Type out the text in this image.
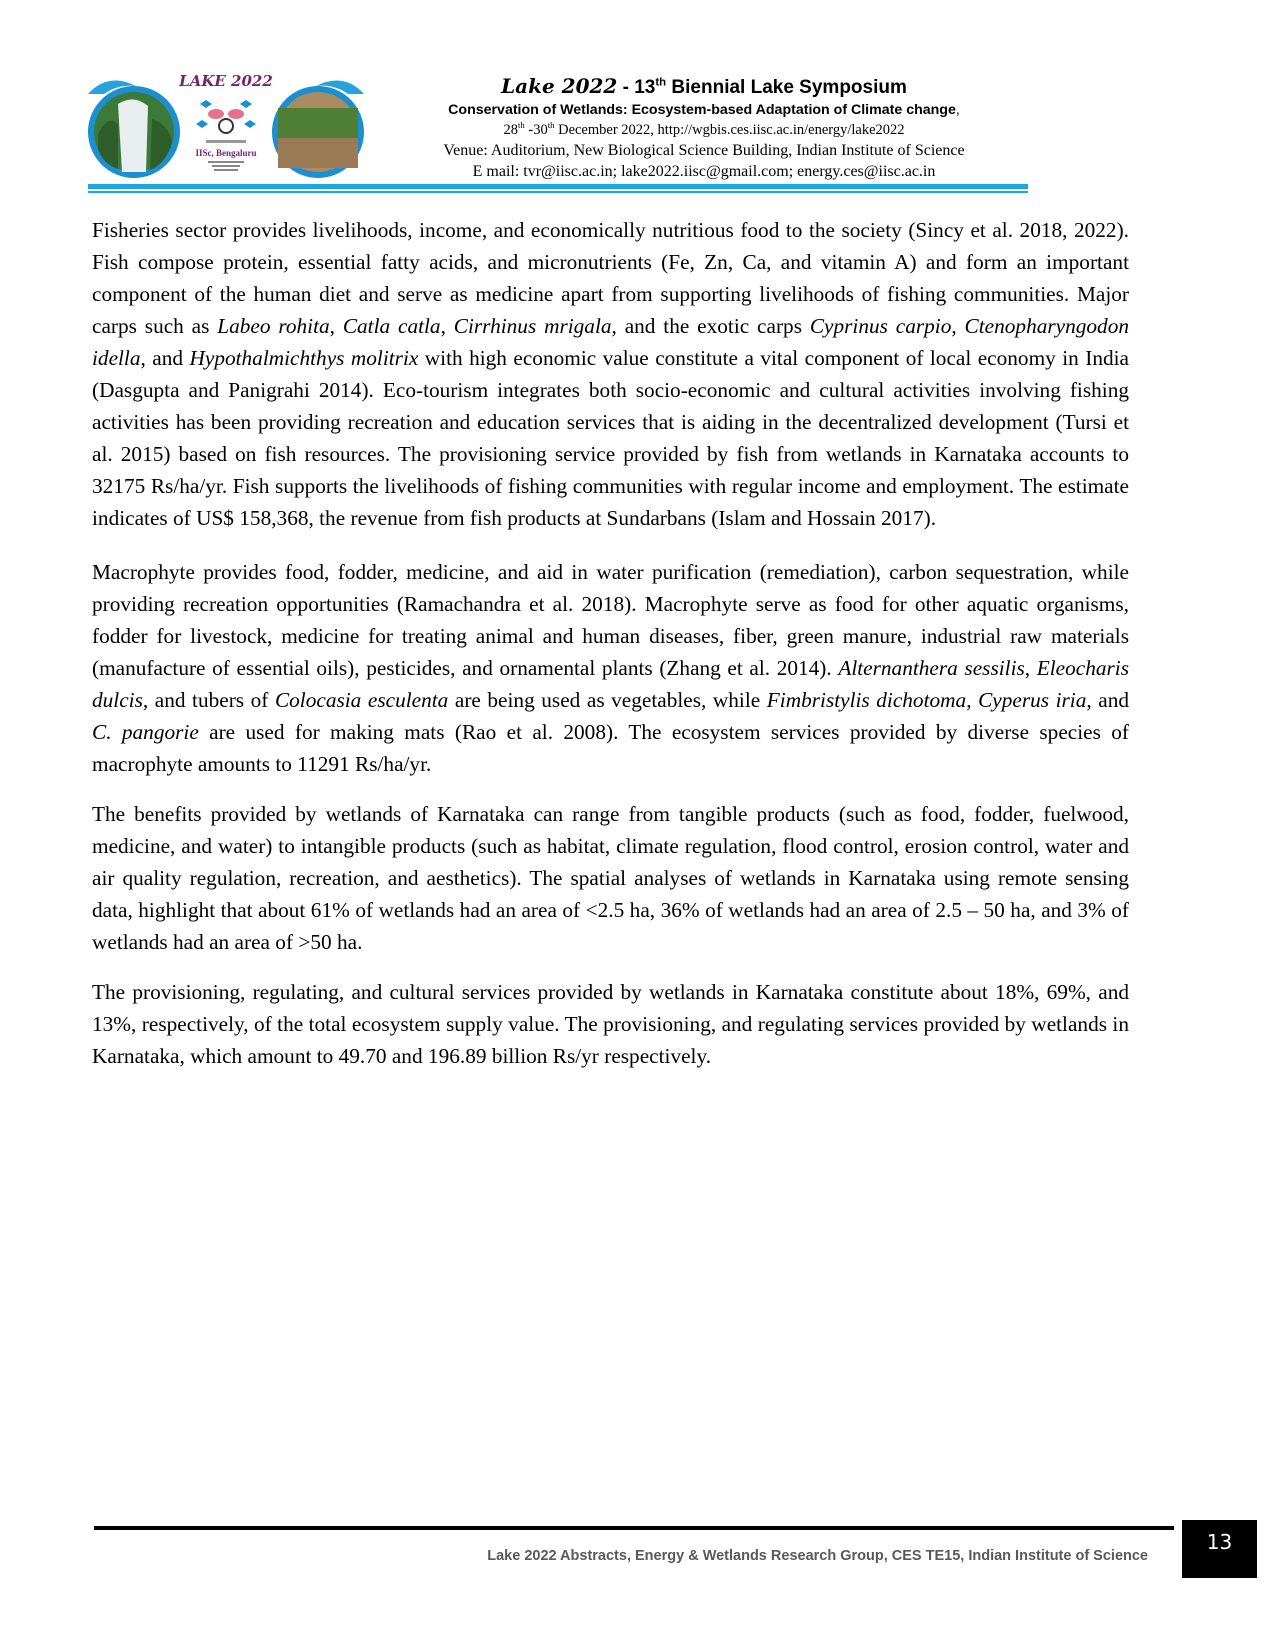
LAKE 2022
IISc, Bengaluru
Lake 2022 - 13th Biennial Lake Symposium
Conservation of Wetlands: Ecosystem-based Adaptation of Climate change,
28th -30th December 2022, http://wgbis.ces.iisc.ac.in/energy/lake2022
Venue: Auditorium, New Biological Science Building, Indian Institute of Science
E mail: tvr@iisc.ac.in; lake2022.iisc@gmail.com; energy.ces@iisc.ac.in

Fisheries sector provides livelihoods, income, and economically nutritious food to the society (Sincy et al. 2018, 2022). Fish compose protein, essential fatty acids, and micronutrients (Fe, Zn, Ca, and vitamin A) and form an important component of the human diet and serve as medicine apart from supporting livelihoods of fishing communities. Major carps such as Labeo rohita, Catla catla, Cirrhinus mrigala, and the exotic carps Cyprinus carpio, Ctenopharyngodon idella, and Hypothalmichthys molitrix with high economic value constitute a vital component of local economy in India (Dasgupta and Panigrahi 2014). Eco-tourism integrates both socio-economic and cultural activities involving fishing activities has been providing recreation and education services that is aiding in the decentralized development (Tursi et al. 2015) based on fish resources. The provisioning service provided by fish from wetlands in Karnataka accounts to 32175 Rs/ha/yr. Fish supports the livelihoods of fishing communities with regular income and employment. The estimate indicates of US$ 158,368, the revenue from fish products at Sundarbans (Islam and Hossain 2017).

Macrophyte provides food, fodder, medicine, and aid in water purification (remediation), carbon sequestration, while providing recreation opportunities (Ramachandra et al. 2018). Macrophyte serve as food for other aquatic organisms, fodder for livestock, medicine for treating animal and human diseases, fiber, green manure, industrial raw materials (manufacture of essential oils), pesticides, and ornamental plants (Zhang et al. 2014). Alternanthera sessilis, Eleocharis dulcis, and tubers of Colocasia esculenta are being used as vegetables, while Fimbristylis dichotoma, Cyperus iria, and C. pangorie are used for making mats (Rao et al. 2008). The ecosystem services provided by diverse species of macrophyte amounts to 11291 Rs/ha/yr.

The benefits provided by wetlands of Karnataka can range from tangible products (such as food, fodder, fuelwood, medicine, and water) to intangible products (such as habitat, climate regulation, flood control, erosion control, water and air quality regulation, recreation, and aesthetics). The spatial analyses of wetlands in Karnataka using remote sensing data, highlight that about 61% of wetlands had an area of <2.5 ha, 36% of wetlands had an area of 2.5 – 50 ha, and 3% of wetlands had an area of >50 ha.

The provisioning, regulating, and cultural services provided by wetlands in Karnataka constitute about 18%, 69%, and 13%, respectively, of the total ecosystem supply value. The provisioning, and regulating services provided by wetlands in Karnataka, which amount to 49.70 and 196.89 billion Rs/yr respectively.

Lake 2022 Abstracts, Energy & Wetlands Research Group, CES TE15, Indian Institute of Science
13
